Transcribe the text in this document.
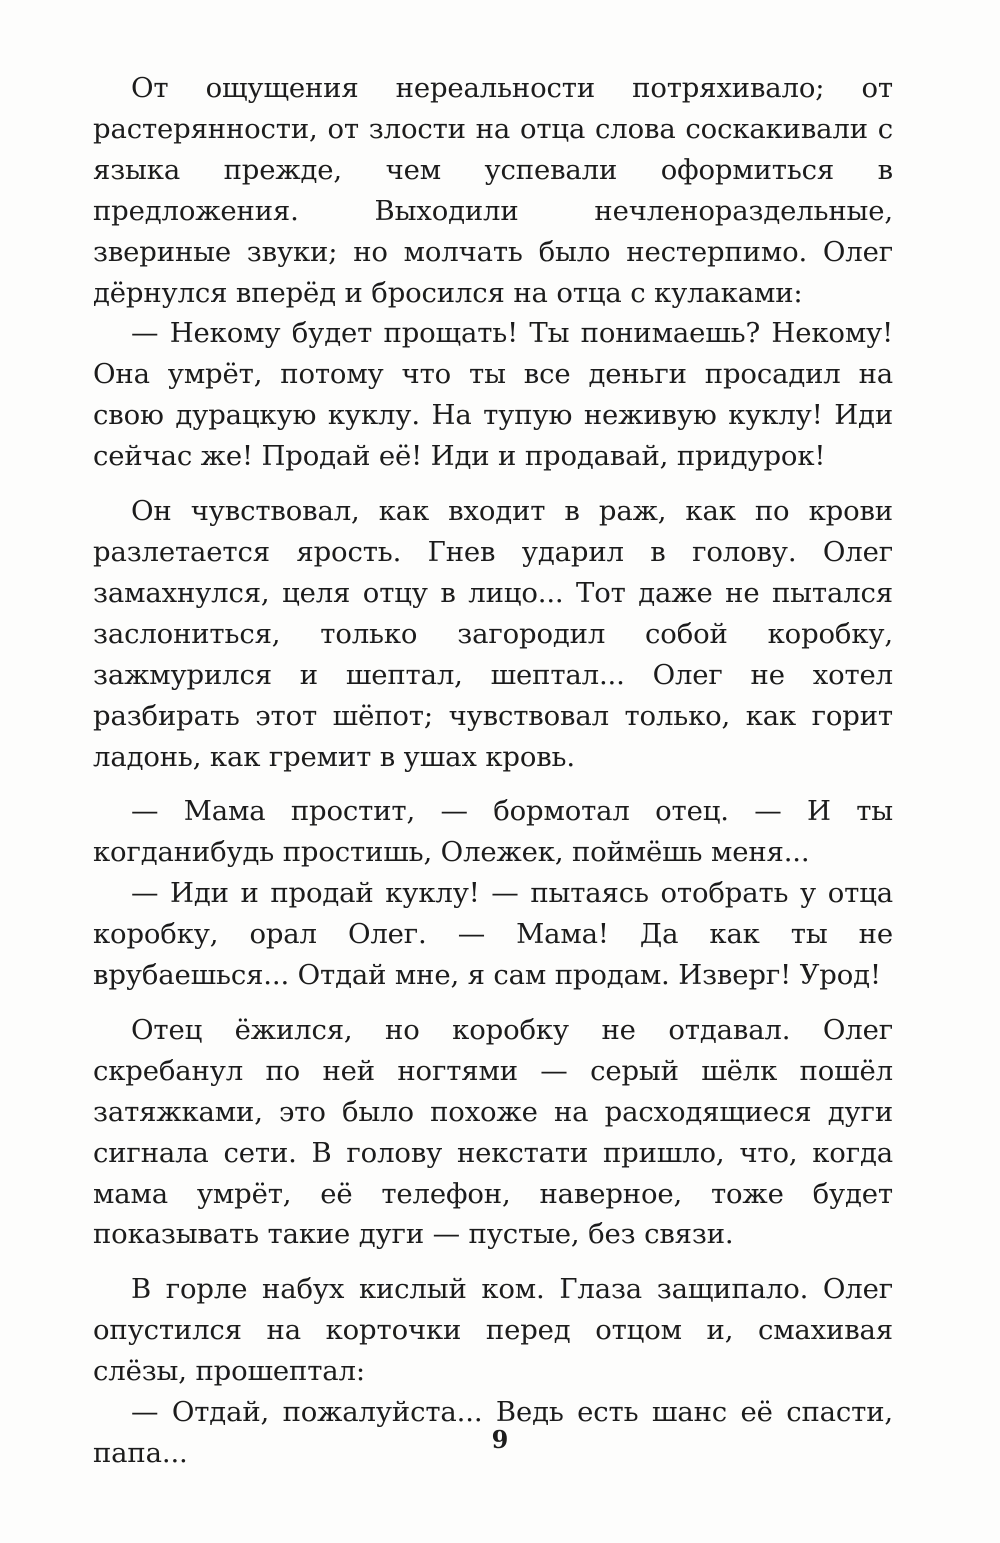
От ощущения нереальности потряхивало; от растерянности, от злости на отца слова соскакивали с языка прежде, чем успевали оформиться в предложения. Выходили нечленораздельные, звериные звуки; но молчать было нестерпимо. Олег дёрнулся вперёд и бросился на отца с кулаками:

— Некому будет прощать! Ты понимаешь? Некому! Она умрёт, потому что ты все деньги просадил на свою дурацкую куклу. На тупую неживую куклу! Иди сейчас же! Продай её! Иди и продавай, придурок!

Он чувствовал, как входит в раж, как по крови разлетается ярость. Гнев ударил в голову. Олег замахнулся, целя отцу в лицо... Тот даже не пытался заслониться, только загородил собой коробку, зажмурился и шептал, шептал... Олег не хотел разбирать этот шёпот; чувствовал только, как горит ладонь, как гремит в ушах кровь.

— Мама простит, — бормотал отец. — И ты когданибудь простишь, Олежек, поймёшь меня...

— Иди и продай куклу! — пытаясь отобрать у отца коробку, орал Олег. — Мама! Да как ты не врубаешься... Отдай мне, я сам продам. Изверг! Урод!

Отец ёжился, но коробку не отдавал. Олег скребанул по ней ногтями — серый шёлк пошёл затяжками, это было похоже на расходящиеся дуги сигнала сети. В голову некстати пришло, что, когда мама умрёт, её телефон, наверное, тоже будет показывать такие дуги — пустые, без связи.

В горле набух кислый ком. Глаза защипало. Олег опустился на корточки перед отцом и, смахивая слёзы, прошептал:

— Отдай, пожалуйста... Ведь есть шанс её спасти, папа...	9
